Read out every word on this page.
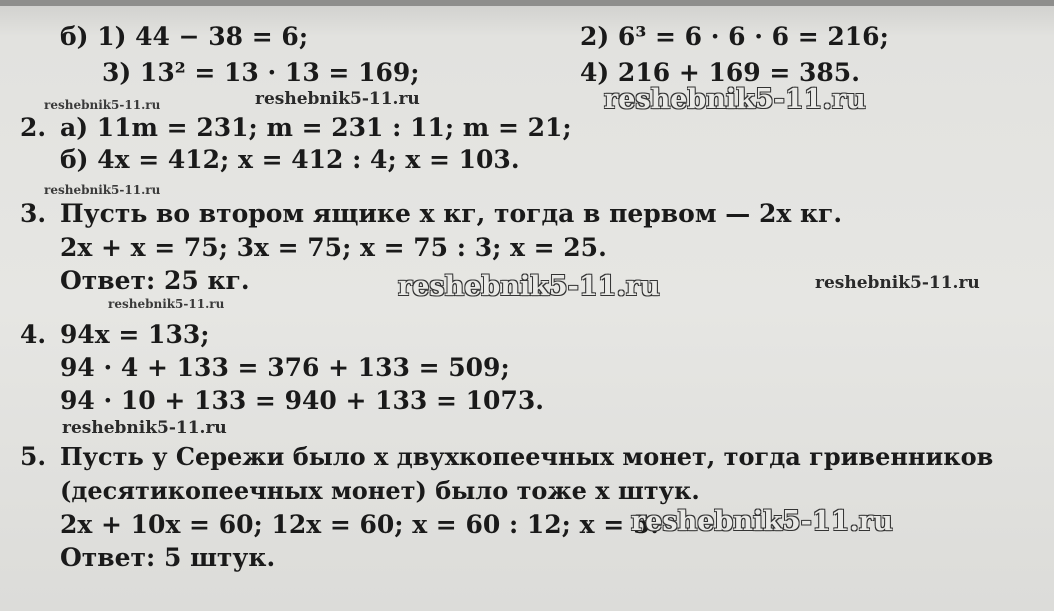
б) 1) 44 − 38 = 6;	2) 6³ = 6 · 6 · 6 = 216;
3) 13² = 13 · 13 = 169;	4) 216 + 169 = 385.
reshebnik5-11.ru	reshebnik5-11.ru	reshebnik5-11.ru
2. а) 11m = 231; m = 231 : 11; m = 21;
б) 4x = 412; x = 412 : 4; x = 103.
reshebnik5-11.ru
3. Пусть во втором ящике x кг, тогда в первом — 2x кг.
2x + x = 75; 3x = 75; x = 75 : 3; x = 25.
Ответ: 25 кг.	reshebnik5-11.ru	reshebnik5-11.ru
reshebnik5-11.ru
4. 94x = 133;
94 · 4 + 133 = 376 + 133 = 509;
94 · 10 + 133 = 940 + 133 = 1073.
reshebnik5-11.ru
5. Пусть у Сережи было x двухкопеечных монет, тогда гривенников
(десятикопеечных монет) было тоже x штук.
2x + 10x = 60; 12x = 60; x = 60 : 12; x = 5.
reshebnik5-11.ru
Ответ: 5 штук.
